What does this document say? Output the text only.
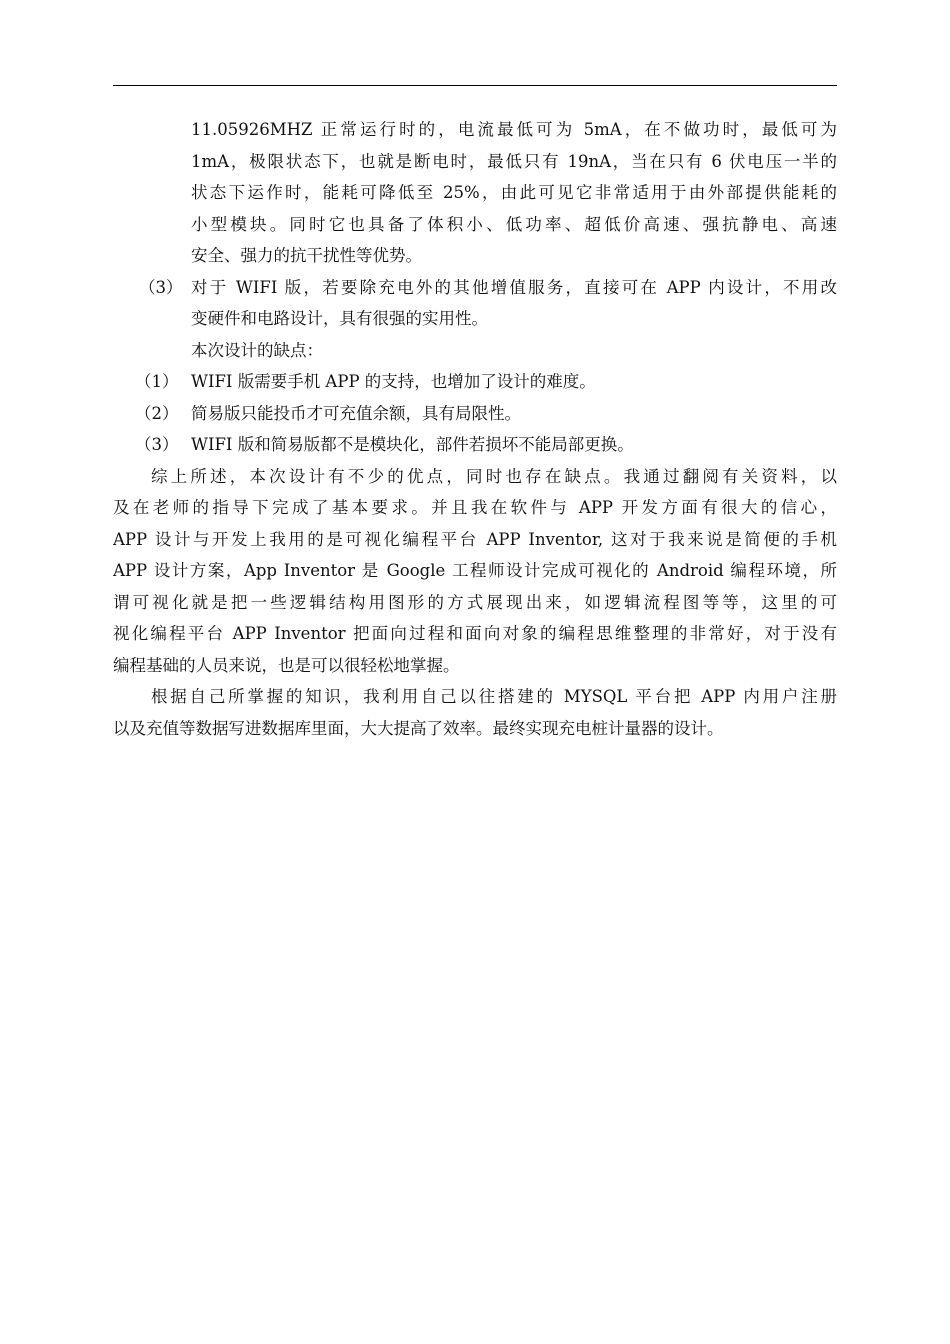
11.05926MHZ 正常运行时的，电流最低可为 5mA，在不做功时，最低可为
1mA，极限状态下，也就是断电时，最低只有 19nA，当在只有 6 伏电压一半的
状态下运作时，能耗可降低至 25%，由此可见它非常适用于由外部提供能耗的
小型模块。同时它也具备了体积小、低功率、超低价高速、强抗静电、高速
安全、强力的抗干扰性等优势。
（3） 对于 WIFI 版，若要除充电外的其他增值服务，直接可在 APP 内设计，不用改
变硬件和电路设计，具有很强的实用性。
本次设计的缺点：
（1） WIFI 版需要手机 APP 的支持，也增加了设计的难度。
（2） 简易版只能投币才可充值余额，具有局限性。
（3） WIFI 版和简易版都不是模块化，部件若损坏不能局部更换。
综上所述，本次设计有不少的优点，同时也存在缺点。我通过翻阅有关资料，以
及在老师的指导下完成了基本要求。并且我在软件与 APP 开发方面有很大的信心，
APP 设计与开发上我用的是可视化编程平台 APP Inventor, 这对于我来说是简便的手机
APP 设计方案，App Inventor 是 Google 工程师设计完成可视化的 Android 编程环境，所
谓可视化就是把一些逻辑结构用图形的方式展现出来，如逻辑流程图等等，这里的可
视化编程平台 APP Inventor 把面向过程和面向对象的编程思维整理的非常好，对于没有
编程基础的人员来说，也是可以很轻松地掌握。
根据自己所掌握的知识，我利用自己以往搭建的 MYSQL 平台把 APP 内用户注册
以及充值等数据写进数据库里面，大大提高了效率。最终实现充电桩计量器的设计。
